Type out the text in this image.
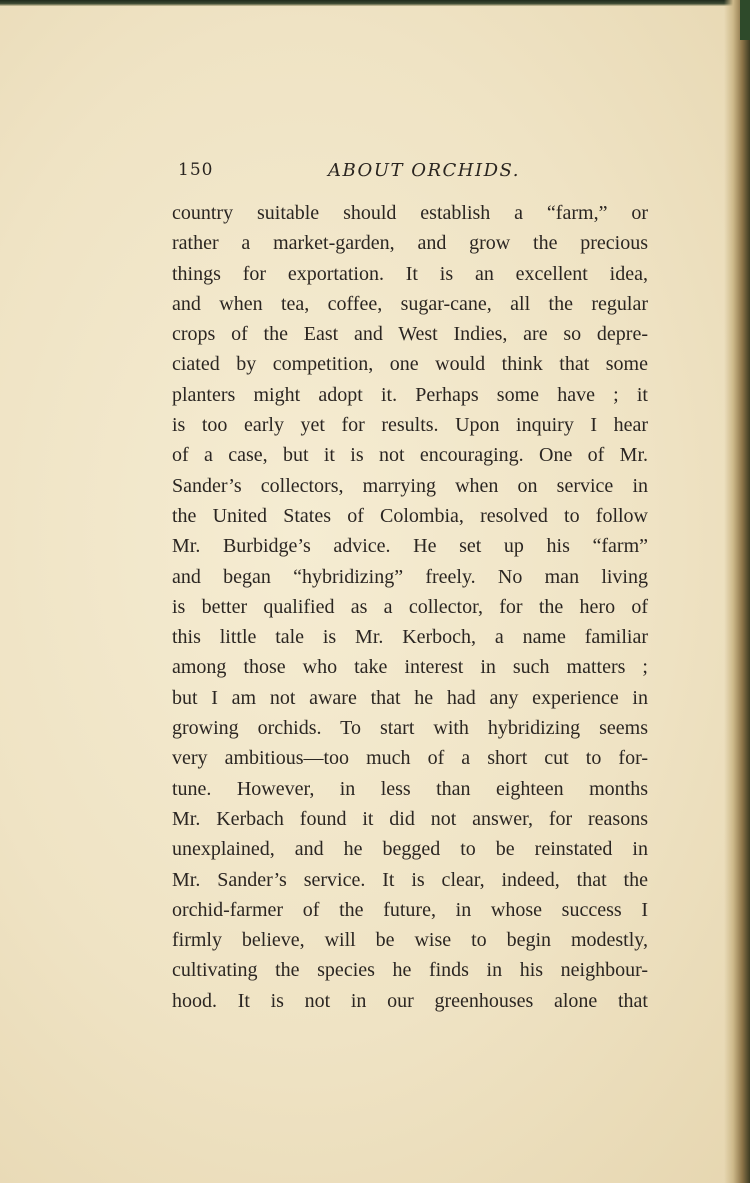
150	ABOUT ORCHIDS.
country suitable should establish a “farm,” or
rather a market-garden, and grow the precious
things for exportation. It is an excellent idea,
and when tea, coffee, sugar-cane, all the regular
crops of the East and West Indies, are so depre-
ciated by competition, one would think that some
planters might adopt it. Perhaps some have ; it
is too early yet for results. Upon inquiry I hear
of a case, but it is not encouraging. One of Mr.
Sander’s collectors, marrying when on service in
the United States of Colombia, resolved to follow
Mr. Burbidge’s advice. He set up his “farm”
and began “hybridizing” freely. No man living
is better qualified as a collector, for the hero of
this little tale is Mr. Kerboch, a name familiar
among those who take interest in such matters ;
but I am not aware that he had any experience in
growing orchids. To start with hybridizing seems
very ambitious—too much of a short cut to for-
tune. However, in less than eighteen months
Mr. Kerbach found it did not answer, for reasons
unexplained, and he begged to be reinstated in
Mr. Sander’s service. It is clear, indeed, that the
orchid-farmer of the future, in whose success I
firmly believe, will be wise to begin modestly,
cultivating the species he finds in his neighbour-
hood. It is not in our greenhouses alone that
